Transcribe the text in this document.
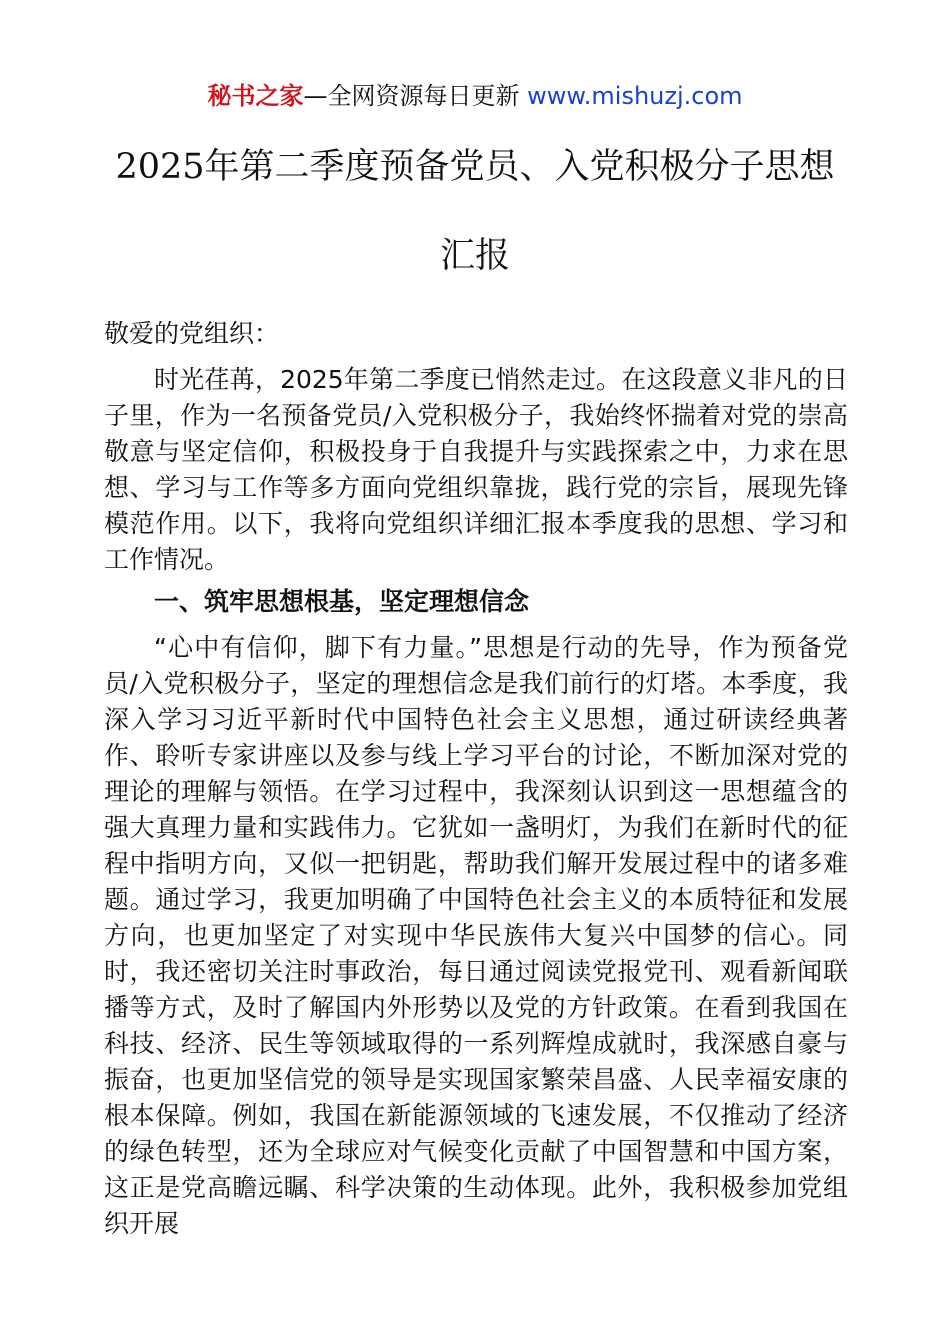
秘书之家—全网资源每日更新 www.mishuzj.com
2025年第二季度预备党员、入党积极分子思想
汇报
敬爱的党组织：

时光荏苒，2025年第二季度已悄然走过。在这段意义非凡的日子里，作为一名预备党员/入党积极分子，我始终怀揣着对党的崇高敬意与坚定信仰，积极投身于自我提升与实践探索之中，力求在思想、学习与工作等多方面向党组织靠拢，践行党的宗旨，展现先锋模范作用。以下，我将向党组织详细汇报本季度我的思想、学习和工作情况。

一、筑牢思想根基，坚定理想信念

“心中有信仰，脚下有力量。”思想是行动的先导，作为预备党员/入党积极分子，坚定的理想信念是我们前行的灯塔。本季度，我深入学习习近平新时代中国特色社会主义思想，通过研读经典著作、聆听专家讲座以及参与线上学习平台的讨论，不断加深对党的理论的理解与领悟。在学习过程中，我深刻认识到这一思想蕴含的强大真理力量和实践伟力。它犹如一盏明灯，为我们在新时代的征程中指明方向，又似一把钥匙，帮助我们解开发展过程中的诸多难题。通过学习，我更加明确了中国特色社会主义的本质特征和发展方向，也更加坚定了对实现中华民族伟大复兴中国梦的信心。同时，我还密切关注时事政治，每日通过阅读党报党刊、观看新闻联播等方式，及时了解国内外形势以及党的方针政策。在看到我国在科技、经济、民生等领域取得的一系列辉煌成就时，我深感自豪与振奋，也更加坚信党的领导是实现国家繁荣昌盛、人民幸福安康的根本保障。例如，我国在新能源领域的飞速发展，不仅推动了经济的绿色转型，还为全球应对气候变化贡献了中国智慧和中国方案，这正是党高瞻远瞩、科学决策的生动体现。此外，我积极参加党组织开展
